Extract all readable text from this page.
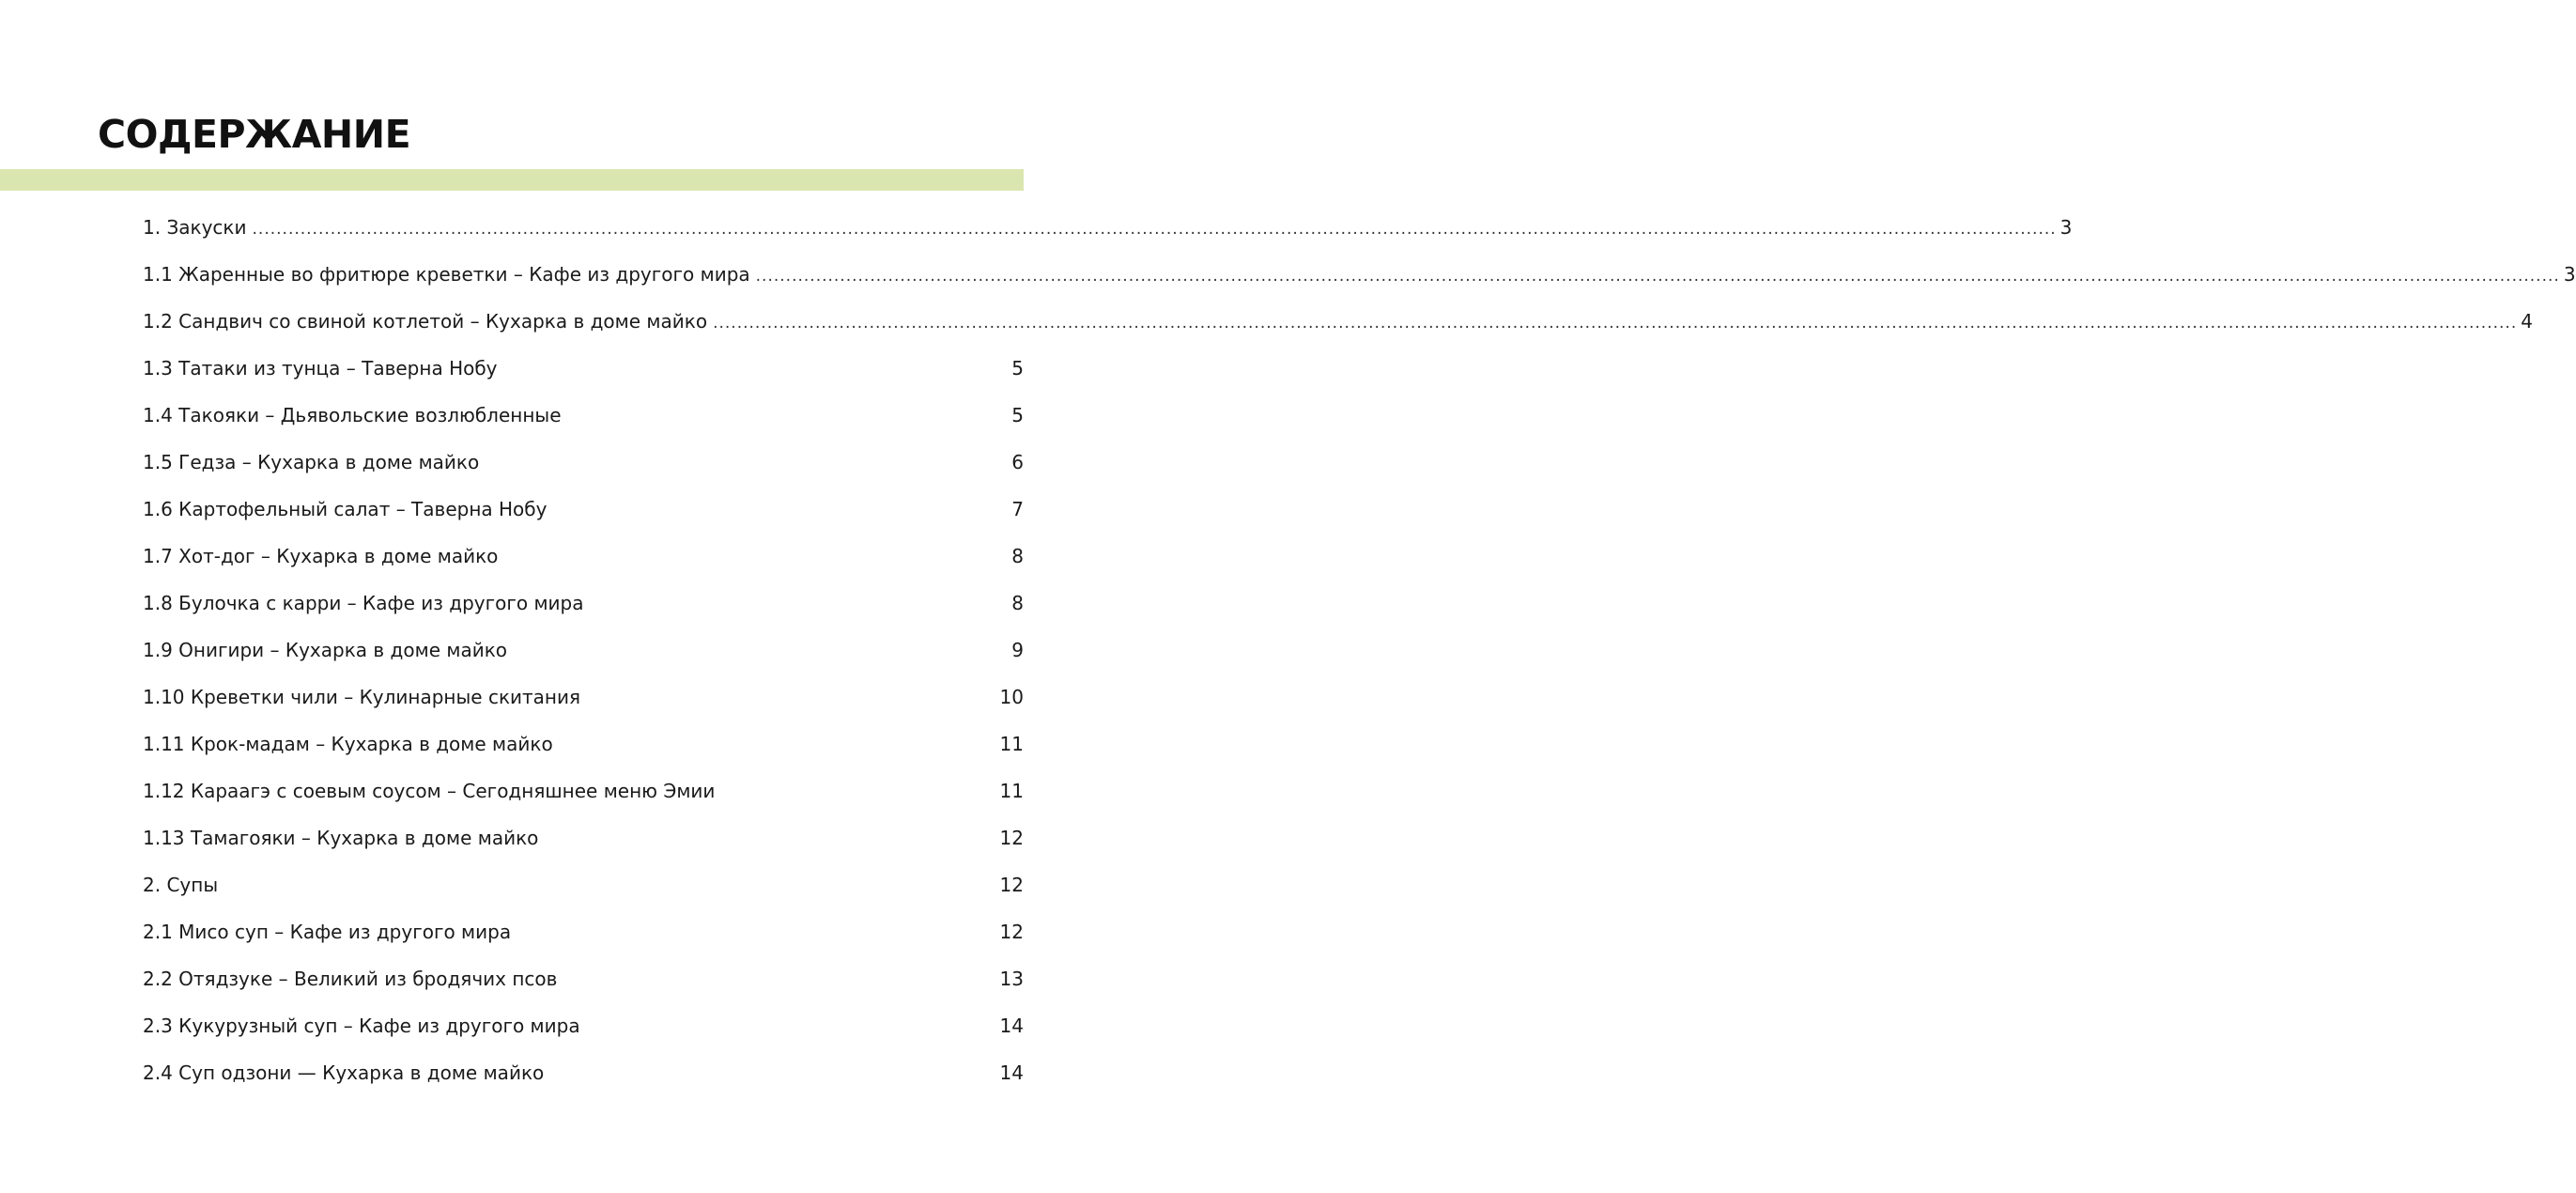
СОДЕРЖАНИЕ
1. Закуски ............................................................................................................................................................................................................................................................................................................ 3
1.1 Жаренные во фритюре креветки – Кафе из другого мира ............................................................................................................................................................................................................................................................................................................ 3
1.2 Сандвич со свиной котлетой – Кухарка в доме майко ............................................................................................................................................................................................................................................................................................................ 4
1.3 Татаки из тунца – Таверна Нобу	5
1.4 Такояки – Дьявольские возлюбленные	5
1.5 Гедза – Кухарка в доме майко	6
1.6 Картофельный салат – Таверна Нобу	7
1.7 Хот-дог – Кухарка в доме майко	8
1.8 Булочка с карри – Кафе из другого мира	8
1.9 Онигири – Кухарка в доме майко	9
1.10 Креветки чили – Кулинарные скитания	10
1.11 Крок-мадам – Кухарка в доме майко	11
1.12 Караагэ с соевым соусом – Сегодняшнее меню Эмии	11
1.13 Тамагояки – Кухарка в доме майко	12
2. Супы	12
2.1 Мисо суп – Кафе из другого мира	12
2.2 Отядзуке – Великий из бродячих псов	13
2.3 Кукурузный суп – Кафе из другого мира	14
2.4 Суп одзони — Кухарка в доме майко	14
